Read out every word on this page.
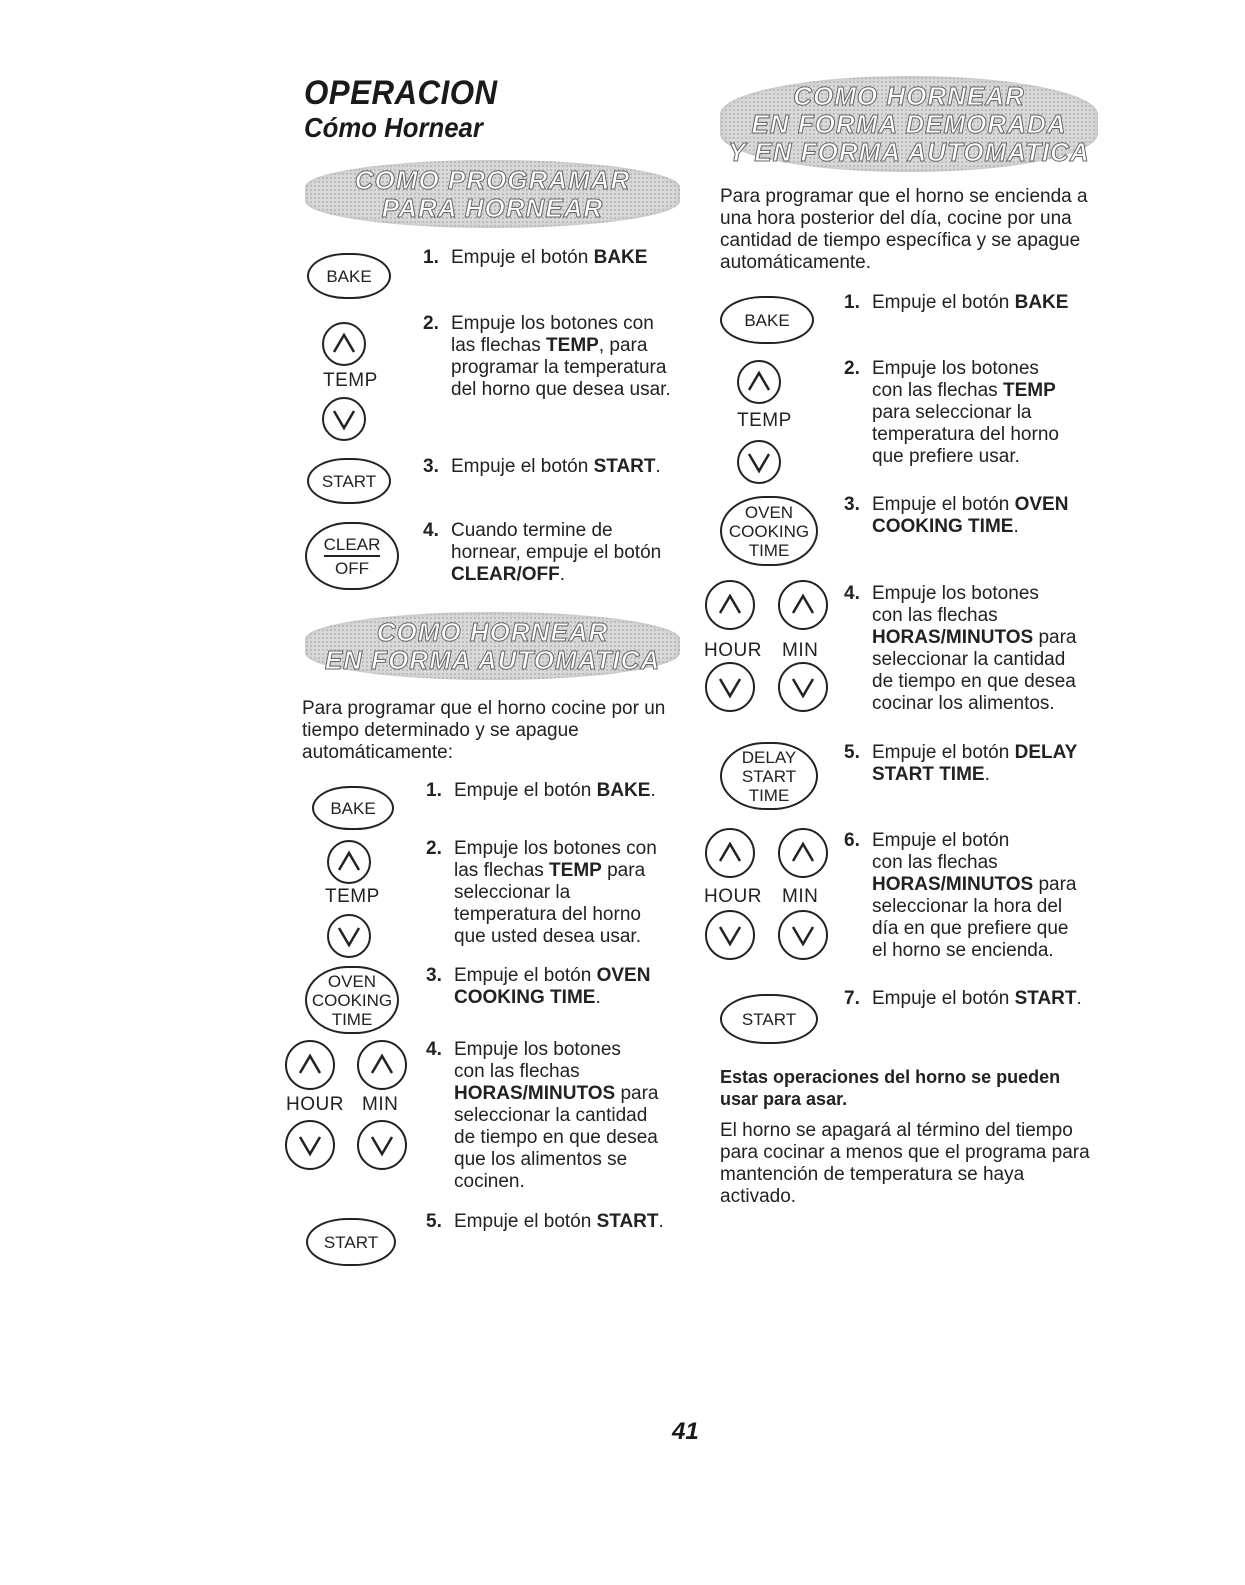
OPERACION
Cómo Hornear
COMO PROGRAMAR
PARA HORNEAR
BAKE
TEMP
START
CLEAR
OFF
1. Empuje el botón BAKE
2. Empuje los botones con
las flechas TEMP, para
programar la temperatura
del horno que desea usar.
3. Empuje el botón START.
4. Cuando termine de
hornear, empuje el botón
CLEAR/OFF.
COMO HORNEAR
EN FORMA AUTOMATICA
Para programar que el horno cocine por un tiempo determinado y se apague automáticamente:
BAKE
TEMP
OVEN
COOKING
TIME
HOUR MIN
START
1. Empuje el botón BAKE.
2. Empuje los botones con
las flechas TEMP para
seleccionar la
temperatura del horno
que usted desea usar.
3. Empuje el botón OVEN
COOKING TIME.
4. Empuje los botones
con las flechas
HORAS/MINUTOS para
seleccionar la cantidad
de tiempo en que desea
que los alimentos se
cocinen.
5. Empuje el botón START.
COMO HORNEAR
EN FORMA DEMORADA
Y EN FORMA AUTOMATICA
Para programar que el horno se encienda a una hora posterior del día, cocine por una cantidad de tiempo específica y se apague automáticamente.
BAKE
TEMP
OVEN
COOKING
TIME
HOUR MIN
DELAY
START
TIME
HOUR MIN
START
1. Empuje el botón BAKE
2. Empuje los botones
con las flechas TEMP
para seleccionar la
temperatura del horno
que prefiere usar.
3. Empuje el botón OVEN
COOKING TIME.
4. Empuje los botones
con las flechas
HORAS/MINUTOS para
seleccionar la cantidad
de tiempo en que desea
cocinar los alimentos.
5. Empuje el botón DELAY
START TIME.
6. Empuje el botón
con las flechas
HORAS/MINUTOS para
seleccionar la hora del
día en que prefiere que
el horno se encienda.
7. Empuje el botón START.
Estas operaciones del horno se pueden usar para asar.
El horno se apagará al término del tiempo para cocinar a menos que el programa para mantención de temperatura se haya activado.
41
